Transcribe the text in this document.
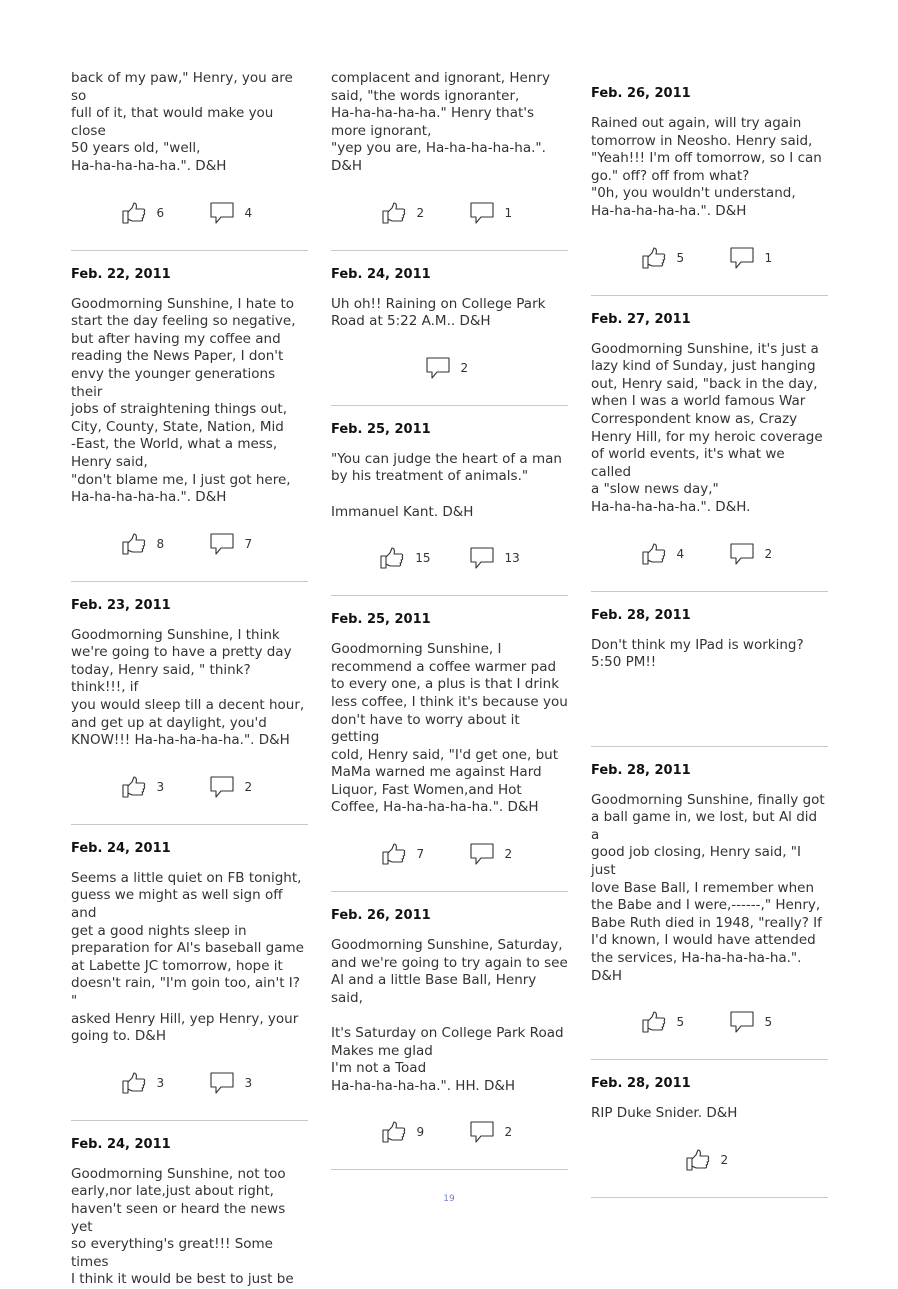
back of my paw," Henry, you are so
full of it, that would make you close
50 years old, "well,
Ha-ha-ha-ha-ha.". D&H
6	4
Feb. 22, 2011
Goodmorning Sunshine, I hate to
start the day feeling so negative,
but after having my coffee and
reading the News Paper, I don't
envy the younger generations their
jobs of straightening things out,
City, County, State, Nation, Mid
-East, the World, what a mess,
Henry said,
"don't blame me, I just got here,
Ha-ha-ha-ha-ha.". D&H
8	7
Feb. 23, 2011
Goodmorning Sunshine, I think
we're going to have a pretty day
today, Henry said, " think? think!!!, if
you would sleep till a decent hour,
and get up at daylight, you'd
KNOW!!! Ha-ha-ha-ha-ha.". D&H
3	2
Feb. 24, 2011
Seems a little quiet on FB tonight,
guess we might as well sign off and
get a good nights sleep in
preparation for Al's baseball game
at Labette JC tomorrow, hope it
doesn't rain, "I'm goin too, ain't I? "
asked Henry Hill, yep Henry, your
going to. D&H
3	3
Feb. 24, 2011
Goodmorning Sunshine, not too
early,nor late,just about right,
haven't seen or heard the news yet
so everything's great!!! Some times
I think it would be best to just be
complacent and ignorant, Henry
said, "the words ignoranter,
Ha-ha-ha-ha-ha." Henry that's
more ignorant,
"yep you are, Ha-ha-ha-ha-ha.".
D&H
2	1
Feb. 24, 2011
Uh oh!! Raining on College Park
Road at 5:22 A.M.. D&H
2
Feb. 25, 2011
"You can judge the heart of a man
by his treatment of animals."

Immanuel Kant. D&H
15	13
Feb. 25, 2011
Goodmorning Sunshine, I
recommend a coffee warmer pad
to every one, a plus is that I drink
less coffee, I think it's because you
don't have to worry about it getting
cold, Henry said, "I'd get one, but
MaMa warned me against Hard
Liquor, Fast Women,and Hot
Coffee, Ha-ha-ha-ha-ha.". D&H
7	2
Feb. 26, 2011
Goodmorning Sunshine, Saturday,
and we're going to try again to see
Al and a little Base Ball, Henry said,

It's Saturday on College Park Road
Makes me glad
I'm not a Toad
Ha-ha-ha-ha-ha.". HH. D&H
9	2
Feb. 26, 2011
Rained out again, will try again
tomorrow in Neosho. Henry said,
"Yeah!!! I'm off tomorrow, so I can
go." off? off from what?
"0h, you wouldn't understand,
Ha-ha-ha-ha-ha.". D&H
5	1
Feb. 27, 2011
Goodmorning Sunshine, it's just a
lazy kind of Sunday, just hanging
out, Henry said, "back in the day,
when I was a world famous War
Correspondent know as, Crazy
Henry Hill, for my heroic coverage
of world events, it's what we called
a "slow news day,"
Ha-ha-ha-ha-ha.". D&H.
4	2
Feb. 28, 2011
Don't think my IPad is working?
5:50 PM!!
Feb. 28, 2011
Goodmorning Sunshine, finally got
a ball game in, we lost, but Al did a
good job closing, Henry said, "I just
love Base Ball, I remember when
the Babe and I were,------," Henry,
Babe Ruth died in 1948, "really? If
I'd known, I would have attended
the services, Ha-ha-ha-ha-ha.".
D&H
5	5
Feb. 28, 2011
RIP Duke Snider. D&H
2
19
